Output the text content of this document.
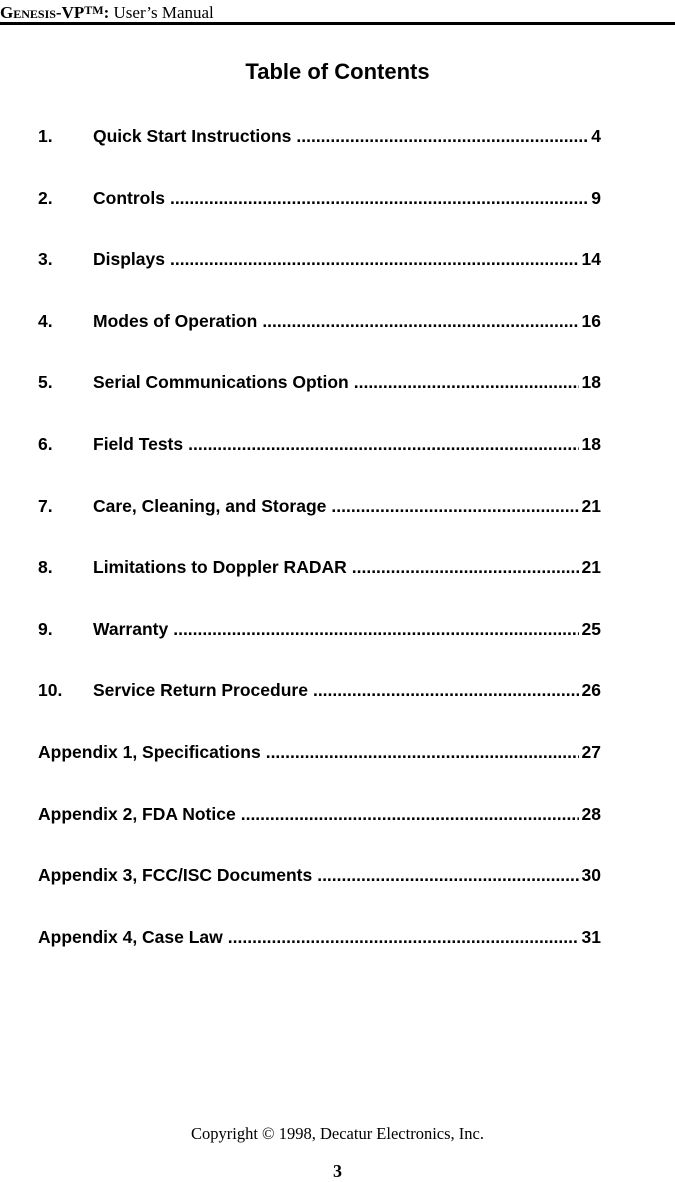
Genesis-VP™: User’s Manual
Table of Contents
1.	Quick Start Instructions .....	4
2.	Controls .....	9
3.	Displays .....	14
4.	Modes of Operation .....	16
5.	Serial Communications Option .....	18
6.	Field Tests .....	18
7.	Care, Cleaning, and Storage .....	21
8.	Limitations to Doppler RADAR .....	21
9.	Warranty .....	25
10.	Service Return Procedure .....	26
Appendix 1, Specifications .....	27
Appendix 2, FDA Notice .....	28
Appendix 3, FCC/ISC Documents .....	30
Appendix 4, Case Law .....	31
Copyright © 1998, Decatur Electronics, Inc.
3
